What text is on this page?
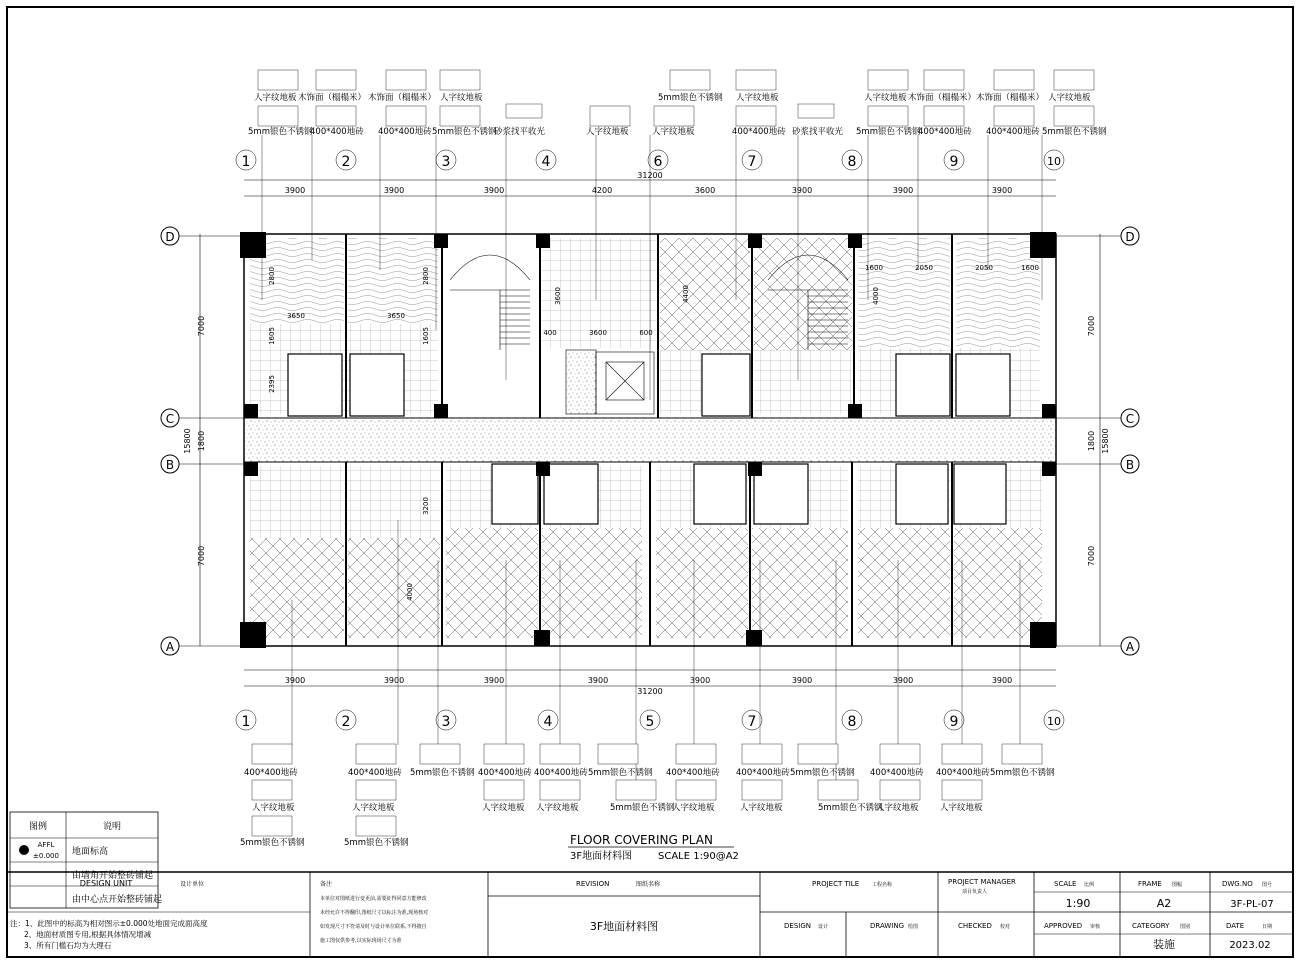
31200
31200
3900	3900	3900	4200	3600	3900	3900	3900
3900	3900	3900	3900	3900	3900	3900	3900
3600
3600
600
400
4400	4000
2395
1600	2050	2050	1600
3650	3650
1605	1605
2800	2800
3200
4000
D	D
C	C
B	B
A	A
7000
1800
7000
15800
7000
1800
7000
15800
1	2	3	4	6	7	8	9	10
1	2	3	4	5	7	8	9	10
人字纹地板 木饰面（榻榻米） 木饰面（榻榻米） 人字纹地板	5mm银色不锈钢 人字纹地板	人字纹地板 木饰面（榻榻米） 木饰面（榻榻米） 人字纹地板
5mm银色不锈钢
400*400地砖 400*400地砖 5mm银色不锈钢
砂浆找平收光	人字纹地板	人字纹地板	400*400地砖 砂浆找平收光 5mm银色不锈钢
400*400地砖 400*400地砖 5mm银色不锈钢
400*400地砖
人字纹地板
5mm银色不锈钢
400*400地砖
人字纹地板
5mm银色不锈钢
5mm银色不锈钢 400*400地砖
人字纹地板
400*400地砖
人字纹地板
5mm银色不锈钢
5mm银色不锈钢
400*400地砖
人字纹地板
400*400地砖
人字纹地板
400*400地砖
5mm银色不锈钢
5mm银色不锈钢
400*400地砖
人字纹地板
5mm银色不锈钢
人字纹地板
FLOOR COVERING PLAN
3F地面材料图	SCALE 1:90@A2
图例	说明
AFFL
±0.000 地面标高
由墙角开始整砖铺起
由中心点开始整砖铺起
DESIGN UNIT	设计单位
注：1、此图中的标高为相对图示±0.000处地面完成面高度
2、地面材质图专用,根据具体情况增减
3、所有门槛石均为大理石
备注
本单位对图纸进行变更前,需要征得同意方能修改
未经允许不得翻印,图纸尺寸以标注为准,现场核对
如发现尺寸不符请及时与设计单位联系,不得擅自
施工图仅供参考,以实际现场尺寸为准
REVISION	图纸名称
3F地面材料图
PROJECT TILE	工程名称	PROJECT MANAGER
项目负责人
SCALE 比例
1:90
FRAME 图幅
A2
DWG.NO 图号
3F-PL-07
DESIGN 设计	DRAWING 绘图	CHECKED 校对	APPROVED 审核	CATEGORY 图别
装施
DATE	日期
2023.02
